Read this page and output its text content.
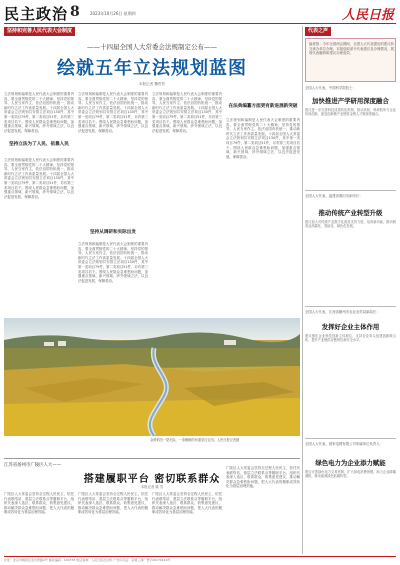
民主政治 8	2023年10月26日 星期四	人民日报
坚持和完善人民代表大会制度
——十四届全国人大常委会法规制定公布——
绘就五年立法规划蓝图
本报记者 魏哲哲
立法规划和编制是人民代表大会制度的重要内容，要全面贯彻党的二十大精神，坚持党的领导、人民当家作主、依法治国有机统一，推动新时代立法工作高质量发展。十四届全国人大常委会立法规划共安排立法项目130件，其中第一类项目79件，第二类项目51件，另有第三类项目若干。围绕人民群众急难愁盼问题，加强重点领域、新兴领域、涉外领域立法，以良法促进发展、保障善治。
坚持立法为了人民、依靠人民
立法规划和编制是人民代表大会制度的重要内容，要全面贯彻党的二十大精神，坚持党的领导、人民当家作主、依法治国有机统一，推动新时代立法工作高质量发展。十四届全国人大常委会立法规划共安排立法项目130件，其中第一类项目79件，第二类项目51件，另有第三类项目若干。围绕人民群众急难愁盼问题，加强重点领域、新兴领域、涉外领域立法，以良法促进发展、保障善治。
立法规划和编制是人民代表大会制度的重要内容，要全面贯彻党的二十大精神，坚持党的领导、人民当家作主、依法治国有机统一，推动新时代立法工作高质量发展。十四届全国人大常委会立法规划共安排立法项目130件，其中第一类项目79件，第二类项目51件，另有第三类项目若干。围绕人民群众急难愁盼问题，加强重点领域、新兴领域、涉外领域立法，以良法促进发展、保障善治。
坚持从调研和实际出发
立法规划和编制是人民代表大会制度的重要内容，要全面贯彻党的二十大精神，坚持党的领导、人民当家作主、依法治国有机统一，推动新时代立法工作高质量发展。十四届全国人大常委会立法规划共安排立法项目130件，其中第一类项目79件，第二类项目51件，另有第三类项目若干。围绕人民群众急难愁盼问题，加强重点领域、新兴领域、涉外领域立法，以良法促进发展、保障善治。
立法规划和编制是人民代表大会制度的重要内容，要全面贯彻党的二十大精神，坚持党的领导、人民当家作主、依法治国有机统一，推动新时代立法工作高质量发展。十四届全国人大常委会立法规划共安排立法项目130件，其中第一类项目79件，第二类项目51件，另有第三类项目若干。围绕人民群众急难愁盼问题，加强重点领域、新兴领域、涉外领域立法，以良法促进发展、保障善治。
在法典编纂方面更有新进展新突破
立法规划和编制是人民代表大会制度的重要内容，要全面贯彻党的二十大精神，坚持党的领导、人民当家作主、依法治国有机统一，推动新时代立法工作高质量发展。十四届全国人大常委会立法规划共安排立法项目130件，其中第一类项目79件，第二类项目51件，另有第三类项目若干。围绕人民群众急难愁盼问题，加强重点领域、新兴领域、涉外领域立法，以良法促进发展、保障善治。
金黄稻田一望无际，一条蜿蜒的河道穿过农田。人民日报记者摄
江苏省扬州市广陵区人大——
搭建履职平台 密切联系群众
本报记者 姚 雪
广陵区人大常委会坚持全过程人民民主，依托代表联络站、基层立法联系点等履职平台，组织代表深入选区、联系群众，收集意见建议，推动解决群众急难愁盼问题，把人大代表的履职成效转化为基层治理效能。
广陵区人大常委会坚持全过程人民民主，依托代表联络站、基层立法联系点等履职平台，组织代表深入选区、联系群众，收集意见建议，推动解决群众急难愁盼问题，把人大代表的履职成效转化为基层治理效能。
广陵区人大常委会坚持全过程人民民主，依托代表联络站、基层立法联系点等履职平台，组织代表深入选区、联系群众，收集意见建议，推动解决群众急难愁盼问题，把人大代表的履职成效转化为基层治理效能。
广陵区人大常委会坚持全过程人民民主，依托代表联络站、基层立法联系点等履职平台，组织代表深入选区、联系群众，收集意见建议，推动解决群众急难愁盼问题，把人大代表的履职成效转化为基层治理效能。
代表之声
编者按：今年全国两会期间，全国人大代表提出的建议转交承办单位办理。本版选取部分代表建议及办理情况，展现代表履职和建议办理成效。
全国人大代表、中国科学院院士：
加快推进产学研用深度融合
建议进一步完善科技成果转化机制，推动高校、科研院所与企业协同创新，促进创新链产业链资金链人才链深度融合。
全国人大代表、福建省莆田市副市长：
推动传统产业转型升级
建议加大对传统产业数字化改造支持力度，培育新动能，推动制造业高端化、智能化、绿色化发展。
全国人大代表、江西省赣州市农业农村局副局长：
发挥好企业主体作用
建议强化企业科技创新主体地位，支持企业牵头组建创新联合体，提升产业链供应链韧性和安全水平。
全国人大代表、国家电网有限公司所属单位负责人：
绿色电力为企业添力赋能
建议完善绿色电力交易机制，扩大绿电消费规模，助力企业降碳减排，推动能源绿色低碳转型。
社址：北京市朝阳区金台西路2号 邮政编码：100733 电话查询：人民日报社总机 广告许可证：京朝工商广登字20170149号
